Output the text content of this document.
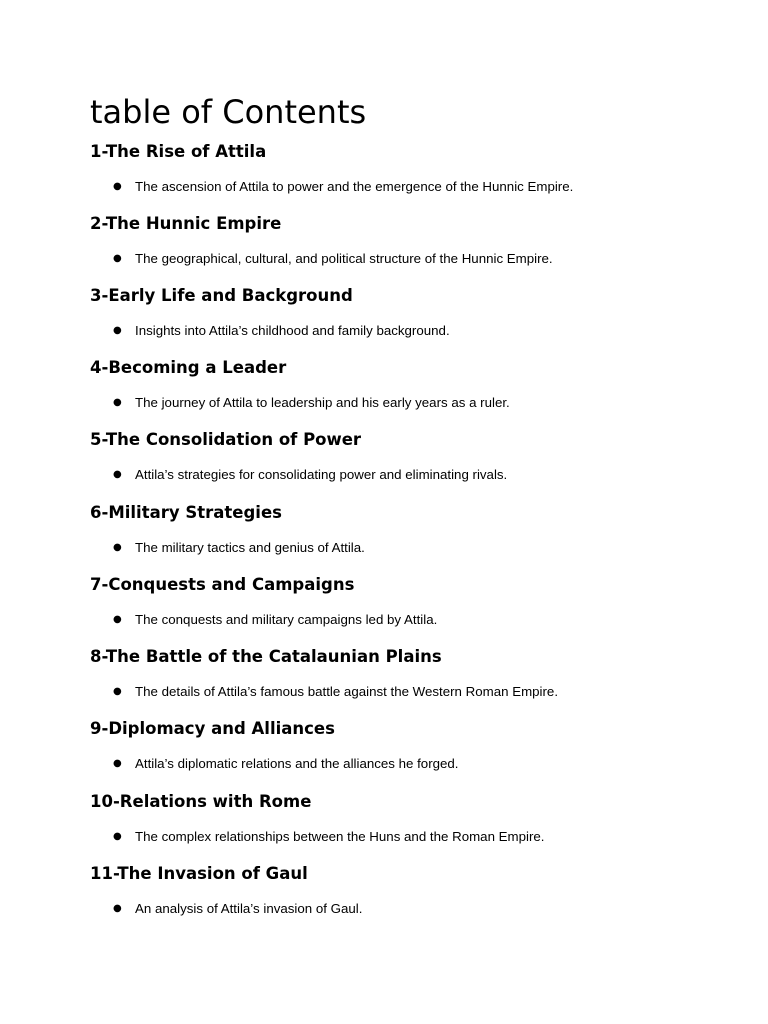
table of Contents
1-The Rise of Attila
● The ascension of Attila to power and the emergence of the Hunnic Empire.
2-The Hunnic Empire
● The geographical, cultural, and political structure of the Hunnic Empire.
3-Early Life and Background
● Insights into Attila’s childhood and family background.
4-Becoming a Leader
● The journey of Attila to leadership and his early years as a ruler.
5-The Consolidation of Power
● Attila’s strategies for consolidating power and eliminating rivals.
6-Military Strategies
● The military tactics and genius of Attila.
7-Conquests and Campaigns
● The conquests and military campaigns led by Attila.
8-The Battle of the Catalaunian Plains
● The details of Attila’s famous battle against the Western Roman Empire.
9-Diplomacy and Alliances
● Attila’s diplomatic relations and the alliances he forged.
10-Relations with Rome
● The complex relationships between the Huns and the Roman Empire.
11-The Invasion of Gaul
● An analysis of Attila’s invasion of Gaul.
